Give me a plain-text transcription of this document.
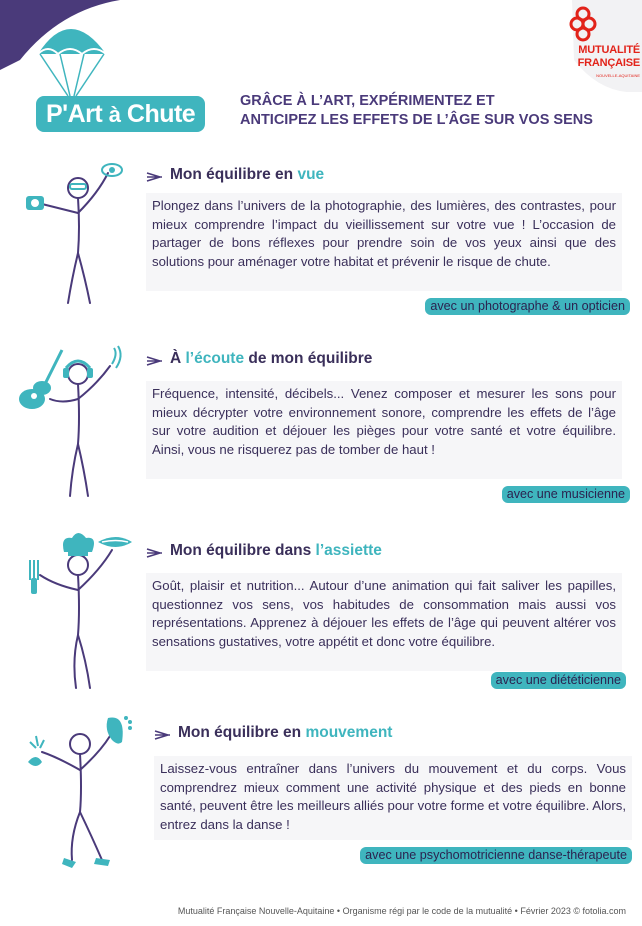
P'Art à Chute
MUTUALITÉ
FRANÇAISE
NOUVELLE-AQUITAINE
GRÂCE À L’ART, EXPÉRIMENTEZ ET
ANTICIPEZ LES EFFETS DE L’ÂGE SUR VOS SENS
Mon équilibre en vue
Plongez dans l’univers de la photographie, des lumières, des contrastes, pour mieux comprendre l’impact du vieillissement sur votre vue ! L’occasion de partager de bons réflexes pour prendre soin de vos yeux ainsi que des solutions pour aménager votre habitat et prévenir le risque de chute.
avec un photographe & un opticien
À l’écoute de mon équilibre
Fréquence, intensité, décibels... Venez composer et mesurer les sons pour mieux décrypter votre environnement sonore, comprendre les effets de l’âge sur votre audition et déjouer les pièges pour votre santé et votre équilibre. Ainsi, vous ne risquerez pas de tomber de haut !
avec une musicienne
Mon équilibre dans l’assiette
Goût, plaisir et nutrition... Autour d’une animation qui fait saliver les papilles, questionnez vos sens, vos habitudes de consommation mais aussi vos représentations. Apprenez à déjouer les effets de l’âge qui peuvent altérer vos sensations gustatives, votre appétit et donc votre équilibre.
avec une diététicienne
Mon équilibre en mouvement
Laissez-vous entraîner dans l’univers du mouvement et du corps. Vous comprendrez mieux comment une activité physique et des pieds en bonne santé, peuvent être les meilleurs alliés pour votre forme et votre équilibre. Alors, entrez dans la danse !
avec une psychomotricienne danse-thérapeute
Mutualité Française Nouvelle-Aquitaine • Organisme régi par le code de la mutualité • Février 2023 © fotolia.com
